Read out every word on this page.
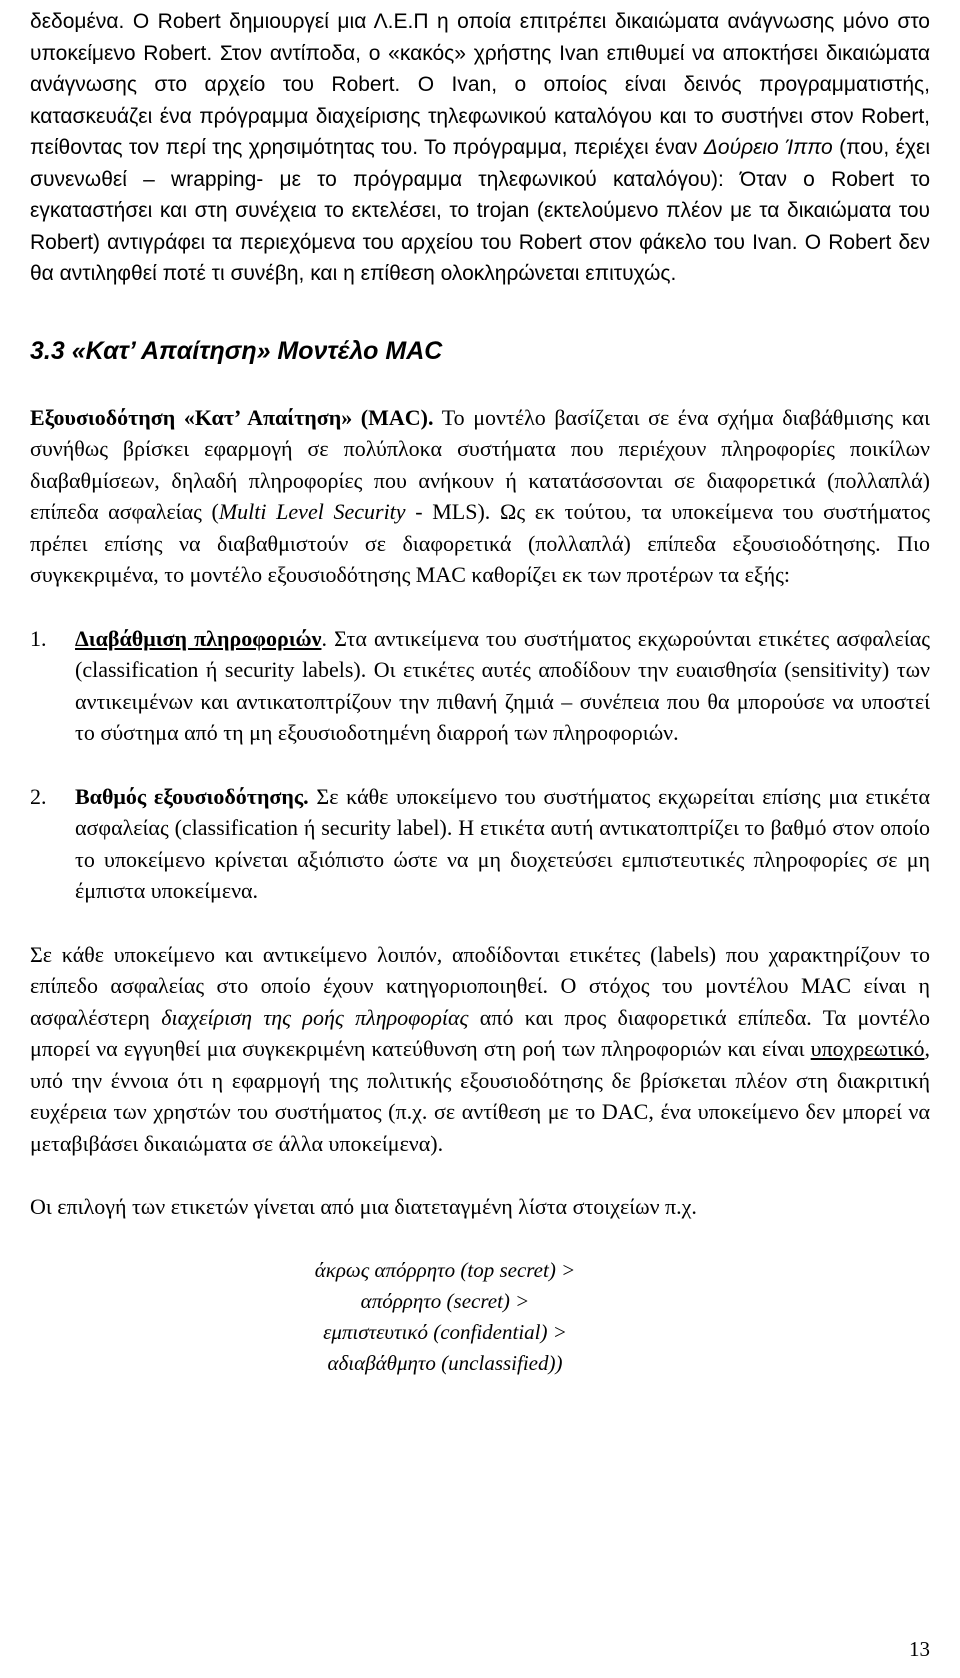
δεδομένα. Ο Robert δημιουργεί μια Λ.Ε.Π η οποία επιτρέπει δικαιώματα ανάγνωσης μόνο στο υποκείμενο Robert. Στον αντίποδα, ο «κακός» χρήστης Ivan επιθυμεί να αποκτήσει δικαιώματα ανάγνωσης στο αρχείο του Robert. Ο Ivan, ο οποίος είναι δεινός προγραμματιστής, κατασκευάζει ένα πρόγραμμα διαχείρισης τηλεφωνικού καταλόγου και το συστήνει στον Robert, πείθοντας τον περί της χρησιμότητας του. Το πρόγραμμα, περιέχει έναν Δούρειο Ίππο (που, έχει συνενωθεί – wrapping- με το πρόγραμμα τηλεφωνικού καταλόγου): Όταν ο Robert το εγκαταστήσει και στη συνέχεια το εκτελέσει, το trojan (εκτελούμενο πλέον με τα δικαιώματα του Robert) αντιγράφει τα περιεχόμενα του αρχείου του Robert στον φάκελο του Ivan. Ο Robert δεν θα αντιληφθεί ποτέ τι συνέβη, και η επίθεση ολοκληρώνεται επιτυχώς.

3.3 «Κατ’ Απαίτηση» Μοντέλο MAC

Εξουσιοδότηση «Κατ’ Απαίτηση» (MAC). Το μοντέλο βασίζεται σε ένα σχήμα διαβάθμισης και συνήθως βρίσκει εφαρμογή σε πολύπλοκα συστήματα που περιέχουν πληροφορίες ποικίλων διαβαθμίσεων, δηλαδή πληροφορίες που ανήκουν ή κατατάσσονται σε διαφορετικά (πολλαπλά) επίπεδα ασφαλείας (Multi Level Security - MLS). Ως εκ τούτου, τα υποκείμενα του συστήματος πρέπει επίσης να διαβαθμιστούν σε διαφορετικά (πολλαπλά) επίπεδα εξουσιοδότησης. Πιο συγκεκριμένα, το μοντέλο εξουσιοδότησης MAC καθορίζει εκ των προτέρων τα εξής:

1.	Διαβάθμιση πληροφοριών. Στα αντικείμενα του συστήματος εκχωρούνται ετικέτες ασφαλείας (classification ή security labels). Οι ετικέτες αυτές αποδίδουν την ευαισθησία (sensitivity) των αντικειμένων και αντικατοπτρίζουν την πιθανή ζημιά – συνέπεια που θα μπορούσε να υποστεί το σύστημα από τη μη εξουσιοδοτημένη διαρροή των πληροφοριών.
2.	Βαθμός εξουσιοδότησης. Σε κάθε υποκείμενο του συστήματος εκχωρείται επίσης μια ετικέτα ασφαλείας (classification ή security label). Η ετικέτα αυτή αντικατοπτρίζει το βαθμό στον οποίο το υποκείμενο κρίνεται αξιόπιστο ώστε να μη διοχετεύσει εμπιστευτικές πληροφορίες σε μη έμπιστα υποκείμενα.

Σε κάθε υποκείμενο και αντικείμενο λοιπόν, αποδίδονται ετικέτες (labels) που χαρακτηρίζουν το επίπεδο ασφαλείας στο οποίο έχουν κατηγοριοποιηθεί. Ο στόχος του μοντέλου MAC είναι η ασφαλέστερη διαχείριση της ροής πληροφορίας από και προς διαφορετικά επίπεδα. Τα μοντέλο μπορεί να εγγυηθεί μια συγκεκριμένη κατεύθυνση στη ροή των πληροφοριών και είναι υποχρεωτικό, υπό την έννοια ότι η εφαρμογή της πολιτικής εξουσιοδότησης δε βρίσκεται πλέον στη διακριτική ευχέρεια των χρηστών του συστήματος (π.χ. σε αντίθεση με το DAC, ένα υποκείμενο δεν μπορεί να μεταβιβάσει δικαιώματα σε άλλα υποκείμενα).

Οι επιλογή των ετικετών γίνεται από μια διατεταγμένη λίστα στοιχείων π.χ.

άκρως απόρρητο (top secret) >
απόρρητο (secret) >
εμπιστευτικό (confidential) >
αδιαβάθμητο (unclassified))
13
